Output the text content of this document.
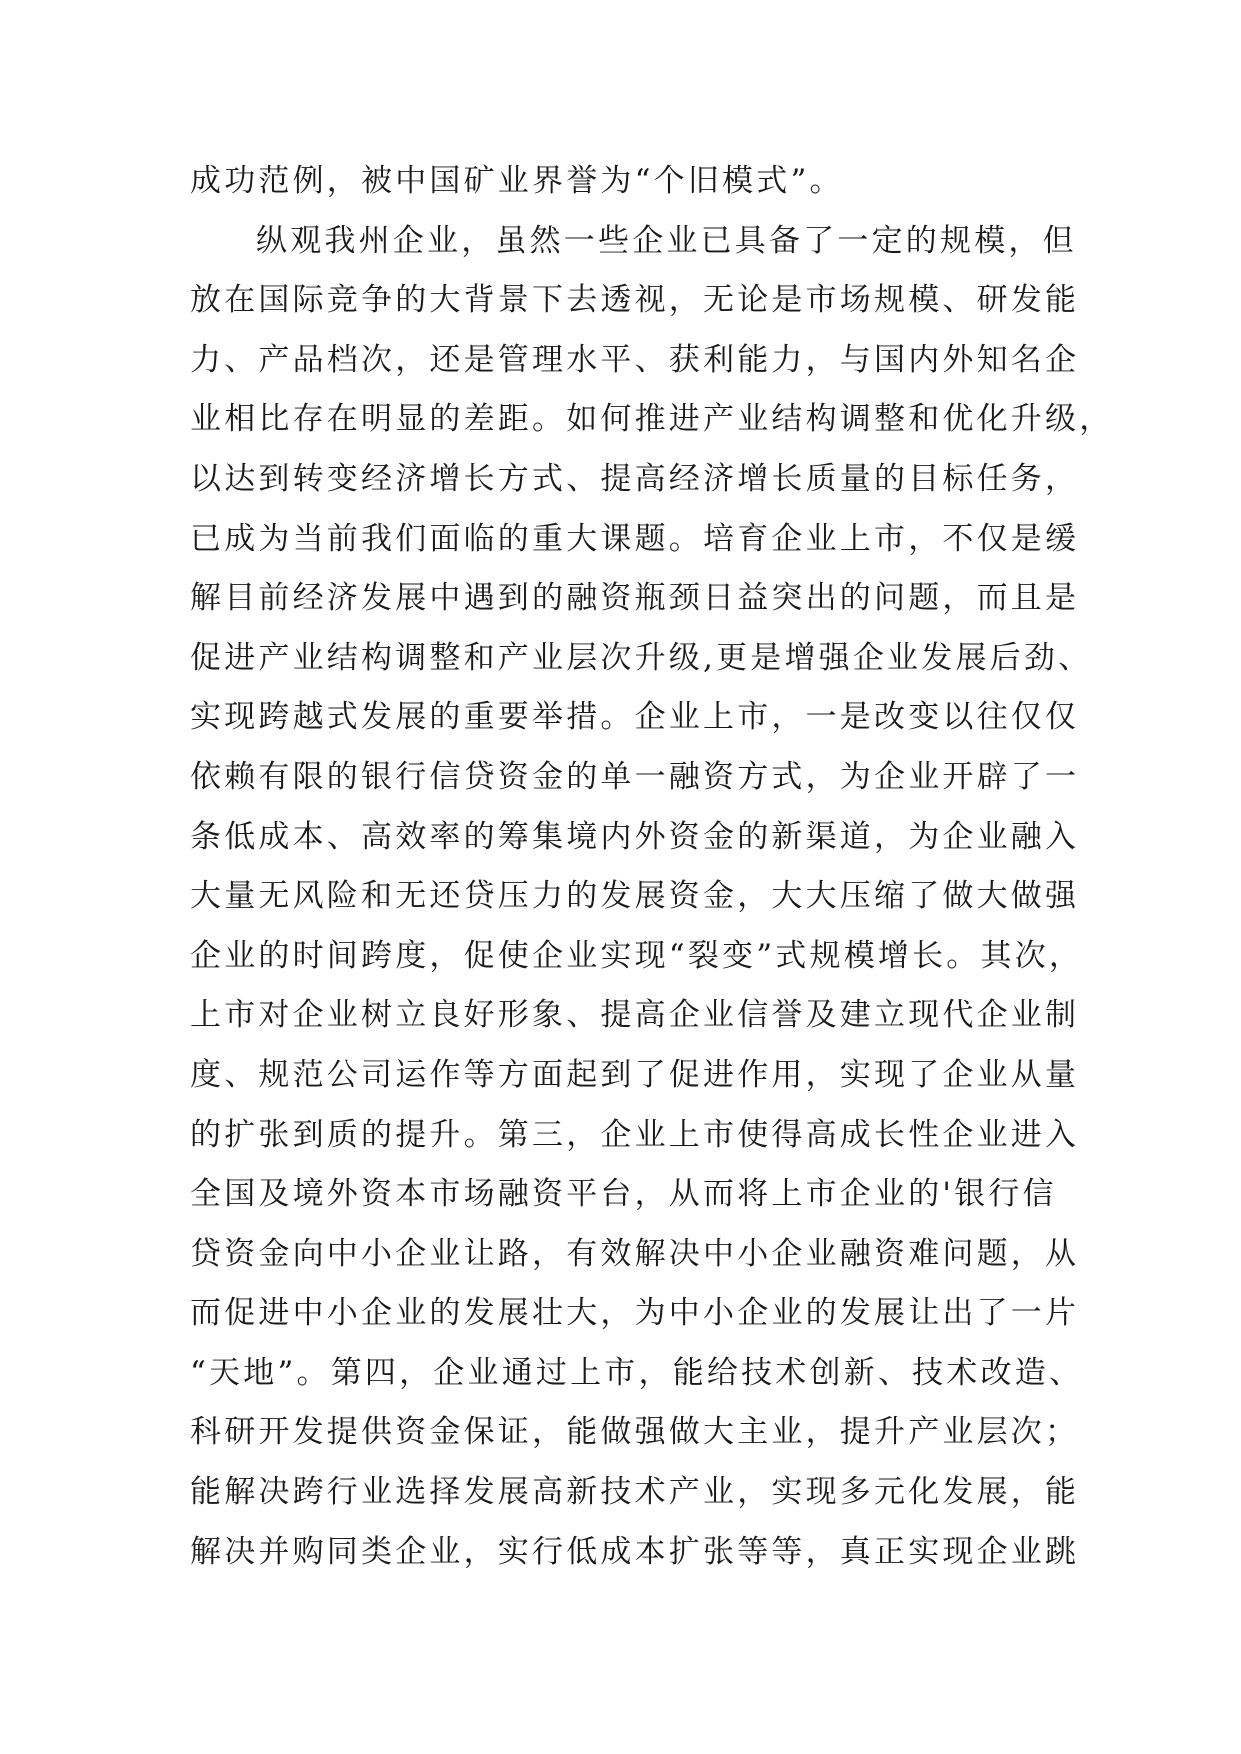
成功范例，被中国矿业界誉为“个旧模式”。
纵观我州企业，虽然一些企业已具备了一定的规模，但
放在国际竞争的大背景下去透视，无论是市场规模、研发能
力、产品档次，还是管理水平、获利能力，与国内外知名企
业相比存在明显的差距。如何推进产业结构调整和优化升级，
以达到转变经济增长方式、提高经济增长质量的目标任务，
已成为当前我们面临的重大课题。培育企业上市，不仅是缓
解目前经济发展中遇到的融资瓶颈日益突出的问题，而且是
促进产业结构调整和产业层次升级,更是增强企业发展后劲、
实现跨越式发展的重要举措。企业上市，一是改变以往仅仅
依赖有限的银行信贷资金的单一融资方式，为企业开辟了一
条低成本、高效率的筹集境内外资金的新渠道，为企业融入
大量无风险和无还贷压力的发展资金，大大压缩了做大做强
企业的时间跨度，促使企业实现“裂变”式规模增长。其次，
上市对企业树立良好形象、提高企业信誉及建立现代企业制
度、规范公司运作等方面起到了促进作用，实现了企业从量
的扩张到质的提升。第三，企业上市使得高成长性企业进入
全国及境外资本市场融资平台，从而将上市企业的'银行信
贷资金向中小企业让路，有效解决中小企业融资难问题，从
而促进中小企业的发展壮大，为中小企业的发展让出了一片
“天地”。第四，企业通过上市，能给技术创新、技术改造、
科研开发提供资金保证，能做强做大主业，提升产业层次；
能解决跨行业选择发展高新技术产业，实现多元化发展，能
解决并购同类企业，实行低成本扩张等等，真正实现企业跳
